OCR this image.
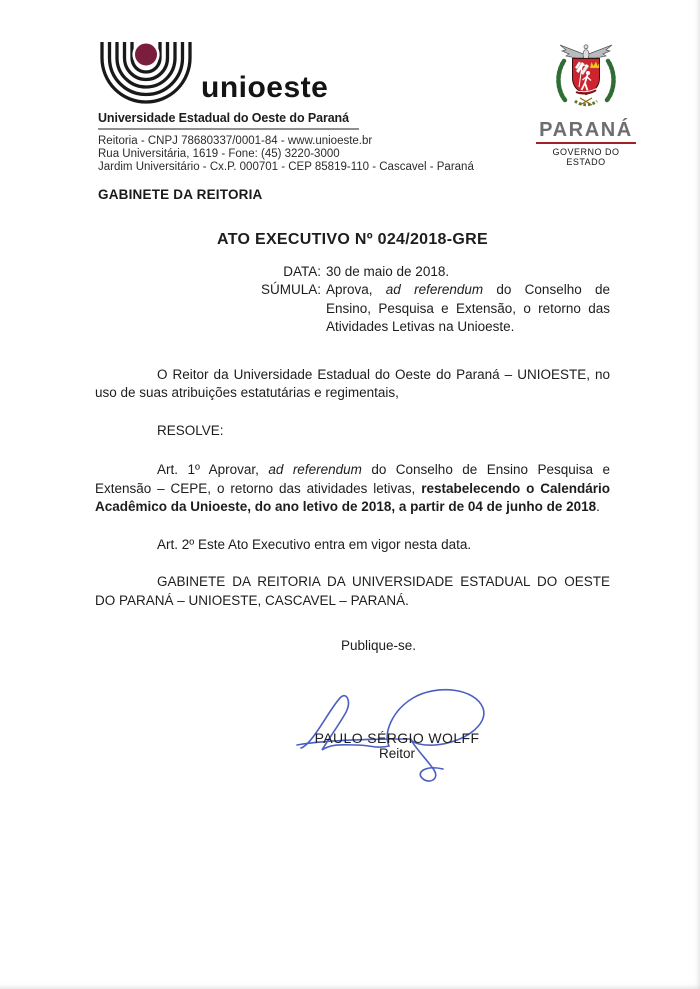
unioeste
Universidade Estadual do Oeste do Paraná
Reitoria - CNPJ 78680337/0001-84 - www.unioeste.br
Rua Universitária, 1619 - Fone: (45) 3220-3000
Jardim Universitário - Cx.P. 000701 - CEP 85819-110 - Cascavel - Paraná
GABINETE DA REITORIA
PARANÁ
GOVERNO DO ESTADO
ATO EXECUTIVO Nº 024/2018-GRE
DATA: 30 de maio de 2018.
SÚMULA: Aprova, ad referendum do Conselho de Ensino, Pesquisa e Extensão, o retorno das Atividades Letivas na Unioeste.

O Reitor da Universidade Estadual do Oeste do Paraná – UNIOESTE, no uso de suas atribuições estatutárias e regimentais,

RESOLVE:

Art. 1º Aprovar, ad referendum do Conselho de Ensino Pesquisa e Extensão – CEPE, o retorno das atividades letivas, restabelecendo o Calendário Acadêmico da Unioeste, do ano letivo de 2018, a partir de 04 de junho de 2018.

Art. 2º Este Ato Executivo entra em vigor nesta data.

GABINETE DA REITORIA DA UNIVERSIDADE ESTADUAL DO OESTE DO PARANÁ – UNIOESTE, CASCAVEL – PARANÁ.

Publique-se.

PAULO SÉRGIO WOLFF
Reitor
